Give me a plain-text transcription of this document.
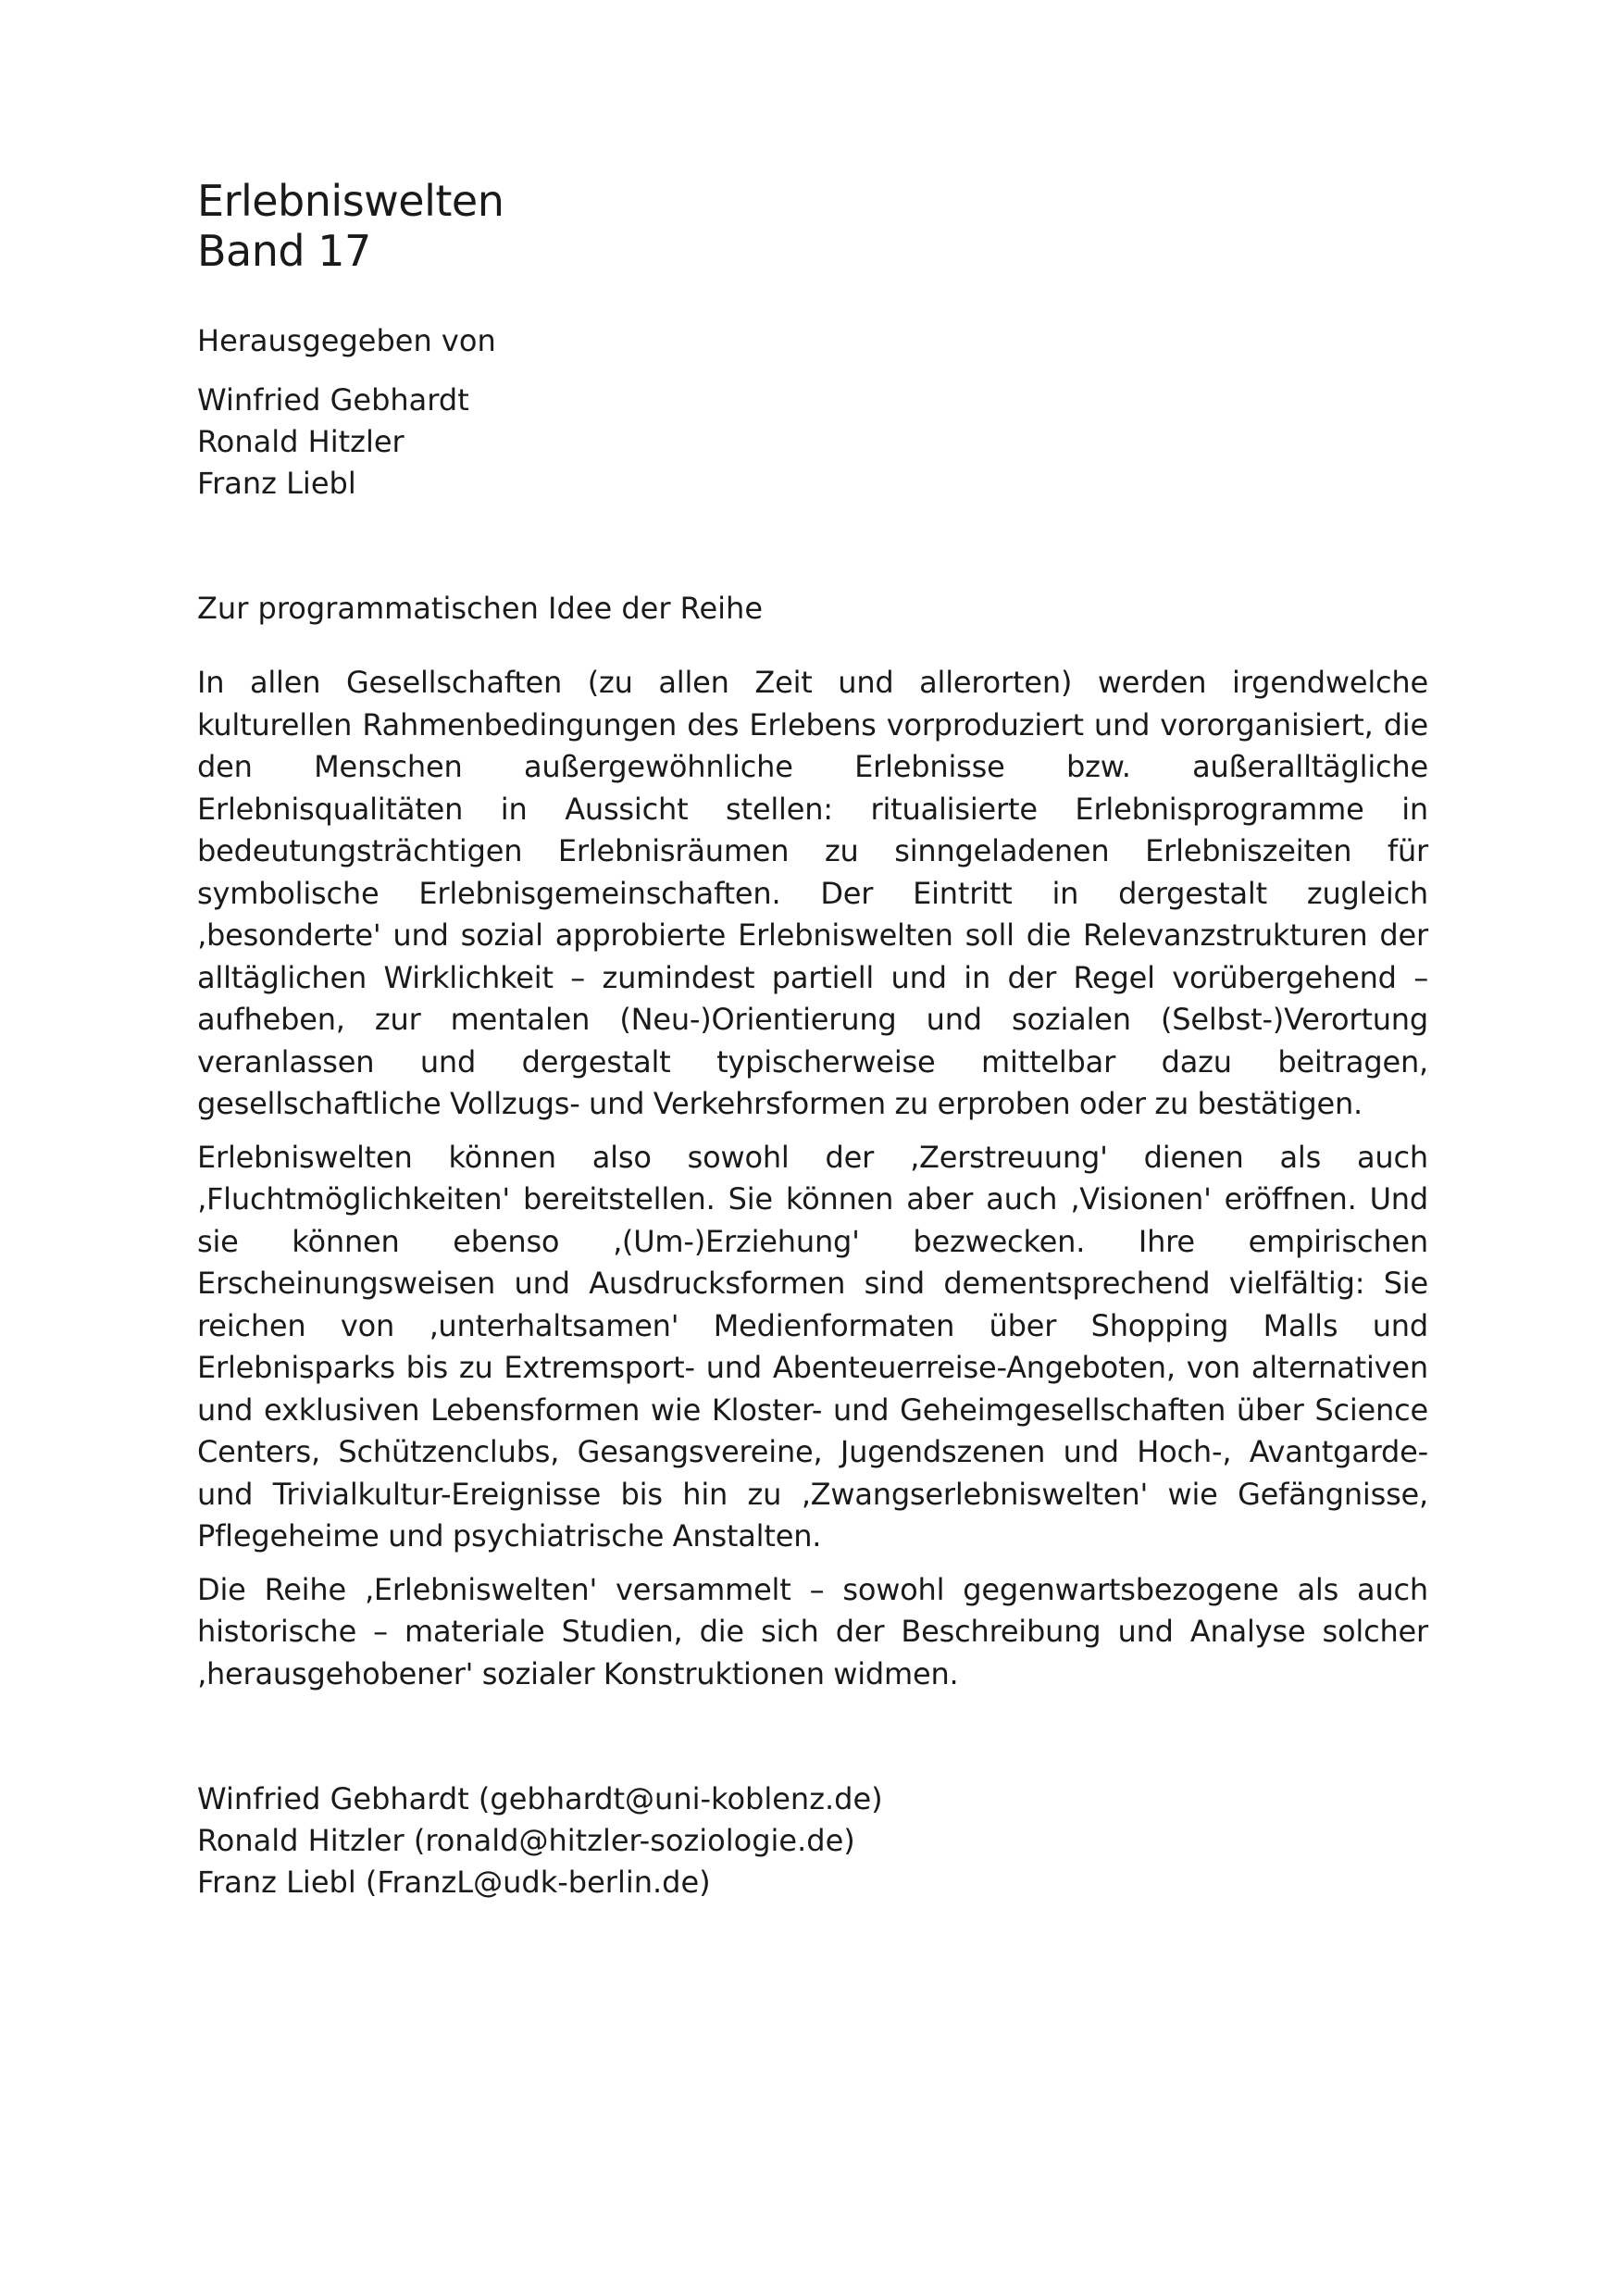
Erlebniswelten
Band 17
Herausgegeben von
Winfried Gebhardt
Ronald Hitzler
Franz Liebl
Zur programmatischen Idee der Reihe

In allen Gesellschaften (zu allen Zeit und allerorten) werden irgendwelche kulturellen Rahmenbedingungen des Erlebens vorproduziert und vororganisiert, die den Menschen außergewöhnliche Erlebnisse bzw. außeralltägliche Erlebnisqualitäten in Aussicht stellen: ritualisierte Erlebnisprogramme in bedeutungsträchtigen Erlebnisräumen zu sinngeladenen Erlebniszeiten für symbolische Erlebnisgemeinschaften. Der Eintritt in dergestalt zugleich ‚besonderte' und sozial approbierte Erlebniswelten soll die Relevanzstrukturen der alltäglichen Wirklichkeit – zumindest partiell und in der Regel vorübergehend – aufheben, zur mentalen (Neu-)Orientierung und sozialen (Selbst-)Verortung veranlassen und dergestalt typischerweise mittelbar dazu beitragen, gesellschaftliche Vollzugs- und Verkehrsformen zu erproben oder zu bestätigen.

Erlebniswelten können also sowohl der ‚Zerstreuung' dienen als auch ‚Fluchtmöglichkeiten' bereitstellen. Sie können aber auch ‚Visionen' eröffnen. Und sie können ebenso ‚(Um-)Erziehung' bezwecken. Ihre empirischen Erscheinungsweisen und Ausdrucksformen sind dementsprechend vielfältig: Sie reichen von ‚unterhaltsamen' Medienformaten über Shopping Malls und Erlebnisparks bis zu Extremsport- und Abenteuerreise-Angeboten, von alternativen und exklusiven Lebensformen wie Kloster- und Geheimgesellschaften über Science Centers, Schützenclubs, Gesangsvereine, Jugendszenen und Hoch-, Avantgarde- und Trivialkultur-Ereignisse bis hin zu ‚Zwangserlebniswelten' wie Gefängnisse, Pflegeheime und psychiatrische Anstalten.

Die Reihe ‚Erlebniswelten' versammelt – sowohl gegenwartsbezogene als auch historische – materiale Studien, die sich der Beschreibung und Analyse solcher ‚herausgehobener' sozialer Konstruktionen widmen.

Winfried Gebhardt (gebhardt@uni-koblenz.de)
Ronald Hitzler (ronald@hitzler-soziologie.de)
Franz Liebl (FranzL@udk-berlin.de)
